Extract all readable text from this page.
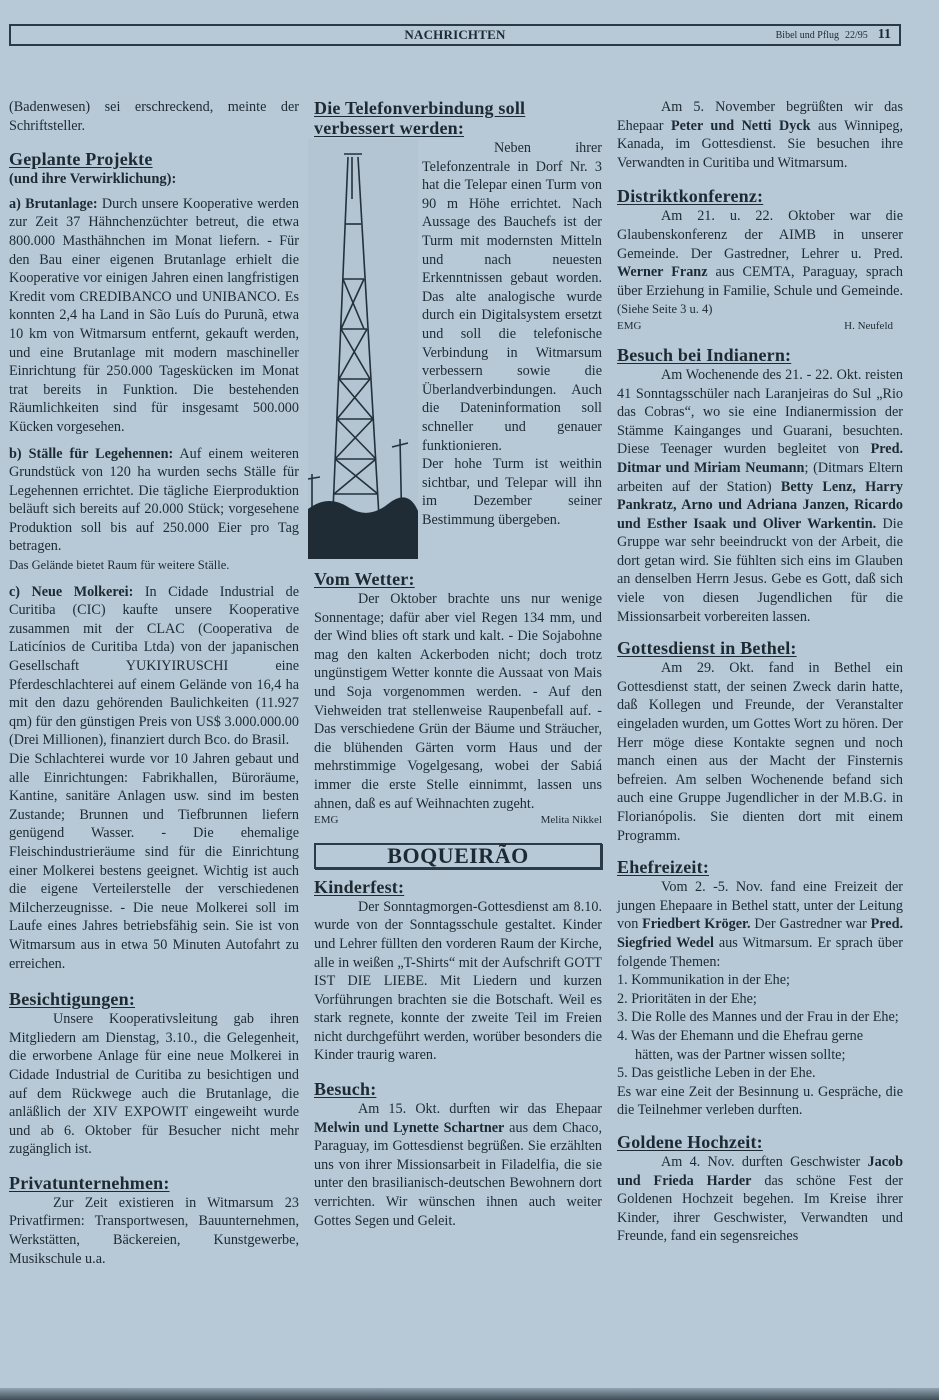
NACHRICHTEN	Bibel und Pflug 22/95 11

(Badenwesen) sei erschreckend, meinte der Schriftsteller.

Geplante Projekte
(und ihre Verwirklichung):

a) Brutanlage: Durch unsere Kooperative werden zur Zeit 37 Hähnchenzüchter betreut, die etwa 800.000 Masthähnchen im Monat liefern. - Für den Bau einer eigenen Brutanlage erhielt die Kooperative vor einigen Jahren einen langfristigen Kredit vom CREDIBANCO und UNIBANCO. Es konnten 2,4 ha Land in São Luís do Purunã, etwa 10 km von Witmarsum entfernt, gekauft werden, und eine Brutanlage mit modern maschineller Einrichtung für 250.000 Tageskücken im Monat trat bereits in Funktion. Die bestehenden Räumlichkeiten sind für insgesamt 500.000 Kücken vorgesehen.

b) Ställe für Legehennen: Auf einem weiteren Grundstück von 120 ha wurden sechs Ställe für Legehennen errichtet. Die tägliche Eierproduktion beläuft sich bereits auf 20.000 Stück; vorgesehene Produktion soll bis auf 250.000 Eier pro Tag betragen.

Das Gelände bietet Raum für weitere Ställe.

c) Neue Molkerei: In Cidade Industrial de Curitiba (CIC) kaufte unsere Kooperative zusammen mit der CLAC (Cooperativa de Laticínios de Curitiba Ltda) von der japanischen Gesellschaft YUKIYIRUSCHI eine Pferdeschlachterei auf einem Gelände von 16,4 ha mit den dazu gehörenden Baulichkeiten (11.927 qm) für den günstigen Preis von US$ 3.000.000.00 (Drei Millionen), finanziert durch Bco. do Brasil.

Die Schlachterei wurde vor 10 Jahren gebaut und alle Einrichtungen: Fabrikhallen, Büroräume, Kantine, sanitäre Anlagen usw. sind im besten Zustande; Brunnen und Tiefbrunnen liefern genügend Wasser. - Die ehemalige Fleischindustrieräume sind für die Einrichtung einer Molkerei bestens geeignet. Wichtig ist auch die eigene Verteilerstelle der verschiedenen Milcherzeugnisse. - Die neue Molkerei soll im Laufe eines Jahres betriebsfähig sein. Sie ist von Witmarsum aus in etwa 50 Minuten Autofahrt zu erreichen.

Besichtigungen:

Unsere Kooperativsleitung gab ihren Mitgliedern am Dienstag, 3.10., die Gelegenheit, die erworbene Anlage für eine neue Molkerei in Cidade Industrial de Curitiba zu besichtigen und auf dem Rückwege auch die Brutanlage, die anläßlich der XIV EXPOWIT eingeweiht wurde und ab 6. Oktober für Besucher nicht mehr zugänglich ist.

Privatunternehmen:

Zur Zeit existieren in Witmarsum 23 Privatfirmen: Transportwesen, Bauunternehmen, Werkstätten, Bäckereien, Kunstgewerbe, Musikschule u.a.

Die Telefonverbindung soll verbessert werden:

Neben ihrer Telefonzentrale in Dorf Nr. 3 hat die Telepar einen Turm von 90 m Höhe errichtet. Nach Aussage des Bauchefs ist der Turm mit modernsten Mitteln und nach neuesten Erkenntnissen gebaut worden. Das alte analogische wurde durch ein Digitalsystem ersetzt und soll die telefonische Verbindung in Witmarsum verbessern sowie die Überlandverbindungen. Auch die Dateninformation soll schneller und genauer funktionieren.

Der hohe Turm ist weithin sichtbar, und Telepar will ihn im Dezember seiner Bestimmung übergeben.

Vom Wetter:

Der Oktober brachte uns nur wenige Sonnentage; dafür aber viel Regen 134 mm, und der Wind blies oft stark und kalt. - Die Sojabohne mag den kalten Ackerboden nicht; doch trotz ungünstigem Wetter konnte die Aussaat von Mais und Soja vorgenommen werden. - Auf den Viehweiden trat stellenweise Raupenbefall auf. - Das verschiedene Grün der Bäume und Sträucher, die blühenden Gärten vorm Haus und der mehrstimmige Vogelgesang, wobei der Sabiá immer die erste Stelle einnimmt, lassen uns ahnen, daß es auf Weihnachten zugeht.

EMG	Melita Nikkel
BOQUEIRÃO
Kinderfest:

Der Sonntagmorgen-Gottesdienst am 8.10. wurde von der Sonntagsschule gestaltet. Kinder und Lehrer füllten den vorderen Raum der Kirche, alle in weißen „T-Shirts“ mit der Aufschrift GOTT IST DIE LIEBE. Mit Liedern und kurzen Vorführungen brachten sie die Botschaft. Weil es stark regnete, konnte der zweite Teil im Freien nicht durchgeführt werden, worüber besonders die Kinder traurig waren.

Besuch:

Am 15. Okt. durften wir das Ehepaar Melwin und Lynette Schartner aus dem Chaco, Paraguay, im Gottesdienst begrüßen. Sie erzählten uns von ihrer Missionsarbeit in Filadelfia, die sie unter den brasilianisch-deutschen Bewohnern dort verrichten. Wir wünschen ihnen auch weiter Gottes Segen und Geleit.

Am 5. November begrüßten wir das Ehepaar Peter und Netti Dyck aus Winnipeg, Kanada, im Gottesdienst. Sie besuchen ihre Verwandten in Curitiba und Witmarsum.

Distriktkonferenz:

Am 21. u. 22. Oktober war die Glaubenskonferenz der AIMB in unserer Gemeinde. Der Gastredner, Lehrer u. Pred. Werner Franz aus CEMTA, Paraguay, sprach über Erziehung in Familie, Schule und Gemeinde. (Siehe Seite 3 u. 4)

EMG	H. Neufeld
Besuch bei Indianern:

Am Wochenende des 21. - 22. Okt. reisten 41 Sonntagsschüler nach Laranjeiras do Sul „Rio das Cobras“, wo sie eine Indianermission der Stämme Kainganges und Guarani, besuchten. Diese Teenager wurden begleitet von Pred. Ditmar und Miriam Neumann; (Ditmars Eltern arbeiten auf der Station) Betty Lenz, Harry Pankratz, Arno und Adriana Janzen, Ricardo und Esther Isaak und Oliver Warkentin. Die Gruppe war sehr beeindruckt von der Arbeit, die dort getan wird. Sie fühlten sich eins im Glauben an denselben Herrn Jesus. Gebe es Gott, daß sich viele von diesen Jugendlichen für die Missionsarbeit vorbereiten lassen.

Gottesdienst in Bethel:

Am 29. Okt. fand in Bethel ein Gottesdienst statt, der seinen Zweck darin hatte, daß Kollegen und Freunde, der Veranstalter eingeladen wurden, um Gottes Wort zu hören. Der Herr möge diese Kontakte segnen und noch manch einen aus der Macht der Finsternis befreien. Am selben Wochenende befand sich auch eine Gruppe Jugendlicher in der M.B.G. in Florianópolis. Sie dienten dort mit einem Programm.

Ehefreizeit:

Vom 2. -5. Nov. fand eine Freizeit der jungen Ehepaare in Bethel statt, unter der Leitung von Friedbert Kröger. Der Gastredner war Pred. Siegfried Wedel aus Witmarsum. Er sprach über folgende Themen:

1. Kommunikation in der Ehe;
2. Prioritäten in der Ehe;
3. Die Rolle des Mannes und der Frau in der Ehe;
4. Was der Ehemann und die Ehefrau gerne hätten, was der Partner wissen sollte;
5. Das geistliche Leben in der Ehe.

Es war eine Zeit der Besinnung u. Gespräche, die die Teilnehmer verleben durften.

Goldene Hochzeit:

Am 4. Nov. durften Geschwister Jacob und Frieda Harder das schöne Fest der Goldenen Hochzeit begehen. Im Kreise ihrer Kinder, ihrer Geschwister, Verwandten und Freunde, fand ein segensreiches
